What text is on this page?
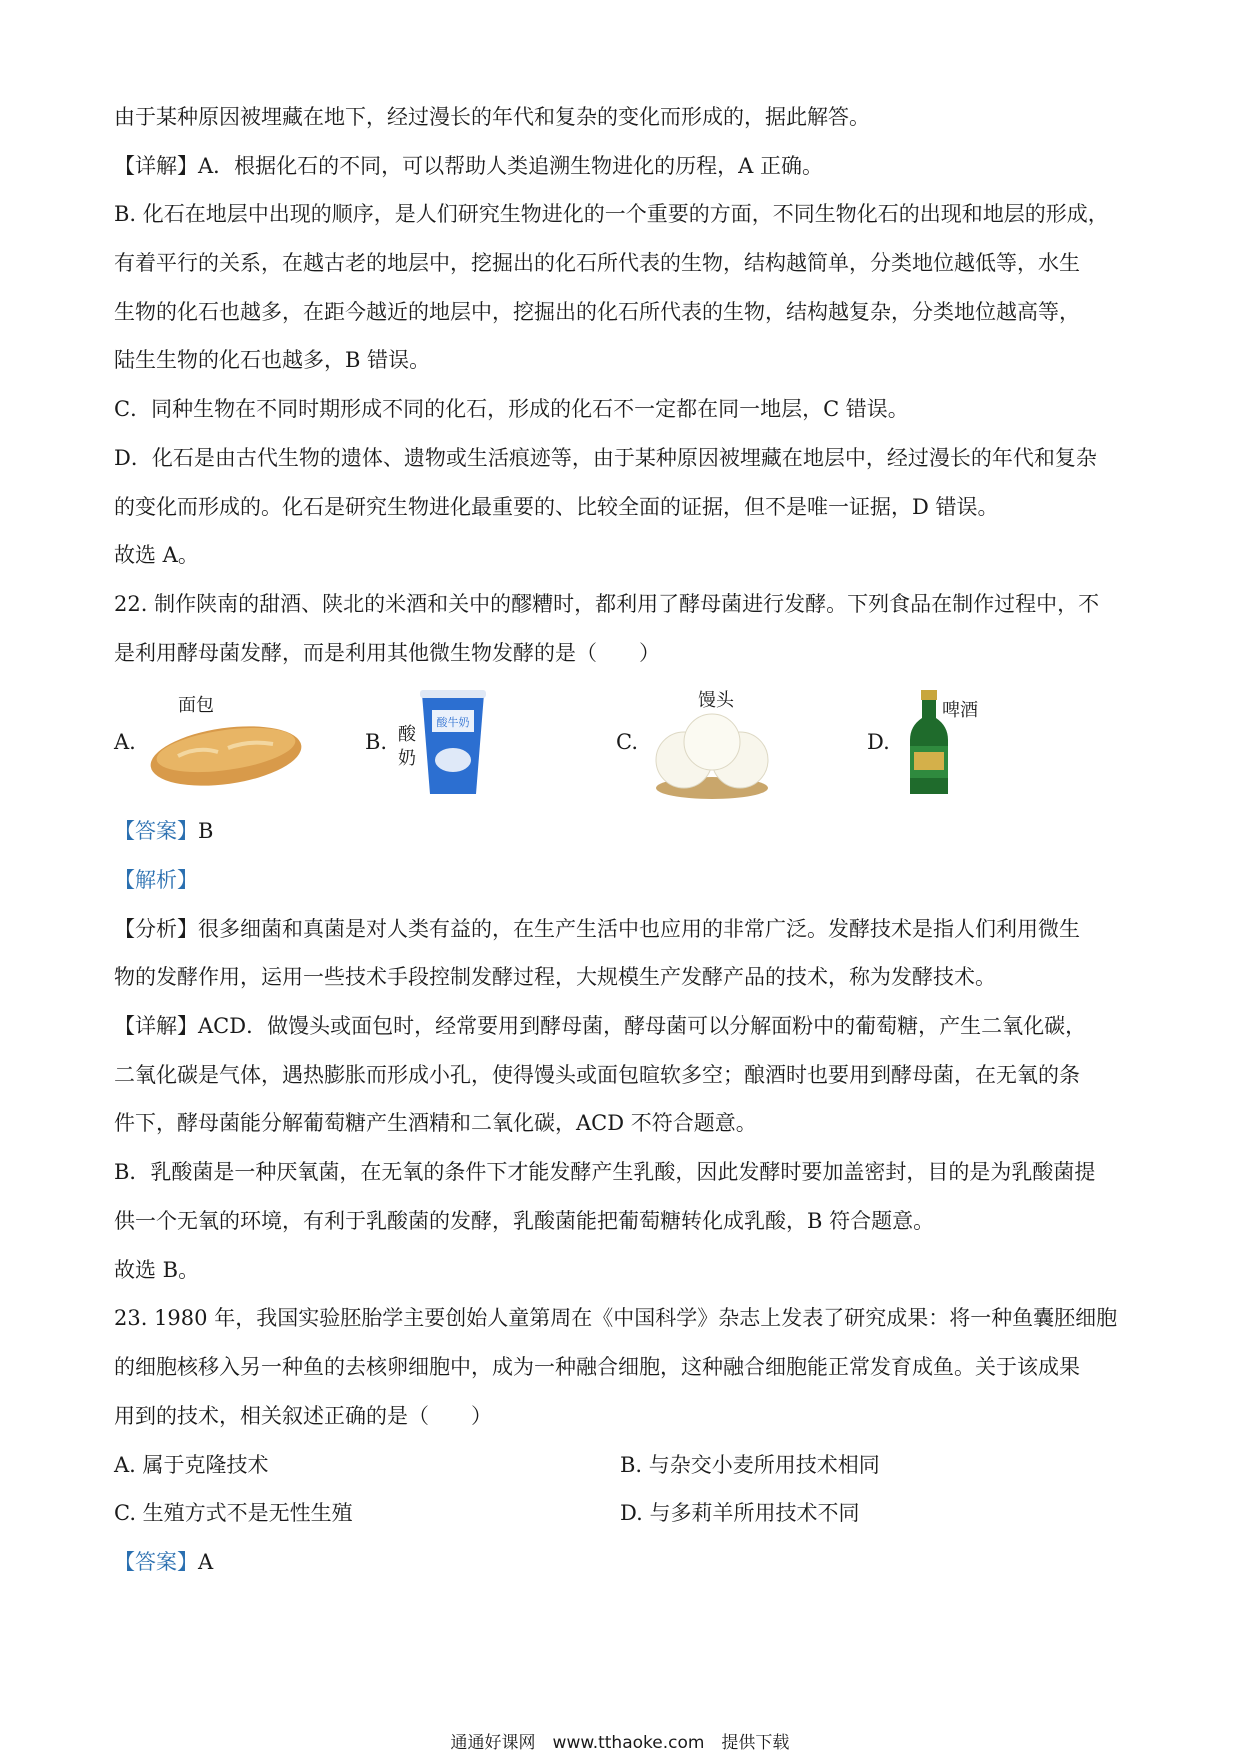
由于某种原因被埋藏在地下，经过漫长的年代和复杂的变化而形成的，据此解答。
【详解】A．根据化石的不同，可以帮助人类追溯生物进化的历程，A 正确。
B. 化石在地层中出现的顺序，是人们研究生物进化的一个重要的方面，不同生物化石的出现和地层的形成，
有着平行的关系，在越古老的地层中，挖掘出的化石所代表的生物，结构越简单，分类地位越低等，水生
生物的化石也越多，在距今越近的地层中，挖掘出的化石所代表的生物，结构越复杂，分类地位越高等，
陆生生物的化石也越多，B 错误。
C．同种生物在不同时期形成不同的化石，形成的化石不一定都在同一地层，C 错误。
D．化石是由古代生物的遗体、遗物或生活痕迹等，由于某种原因被埋藏在地层中，经过漫长的年代和复杂
的变化而形成的。化石是研究生物进化最重要的、比较全面的证据，但不是唯一证据，D 错误。
故选 A。
22. 制作陕南的甜酒、陕北的米酒和关中的醪糟时，都利用了酵母菌进行发酵。下列食品在制作过程中，不
是利用酵母菌发酵，而是利用其他微生物发酵的是（　　）
A.
面包
B. 酸
奶
酸牛奶
C.
馒头
D.
啤酒
【答案】B
【解析】
【分析】很多细菌和真菌是对人类有益的，在生产生活中也应用的非常广泛。发酵技术是指人们利用微生
物的发酵作用，运用一些技术手段控制发酵过程，大规模生产发酵产品的技术，称为发酵技术。
【详解】ACD．做馒头或面包时，经常要用到酵母菌，酵母菌可以分解面粉中的葡萄糖，产生二氧化碳，
二氧化碳是气体，遇热膨胀而形成小孔，使得馒头或面包暄软多空；酿酒时也要用到酵母菌，在无氧的条
件下，酵母菌能分解葡萄糖产生酒精和二氧化碳，ACD 不符合题意。
B．乳酸菌是一种厌氧菌，在无氧的条件下才能发酵产生乳酸，因此发酵时要加盖密封，目的是为乳酸菌提
供一个无氧的环境，有利于乳酸菌的发酵，乳酸菌能把葡萄糖转化成乳酸，B 符合题意。
故选 B。
23. 1980 年，我国实验胚胎学主要创始人童第周在《中国科学》杂志上发表了研究成果：将一种鱼囊胚细胞
的细胞核移入另一种鱼的去核卵细胞中，成为一种融合细胞，这种融合细胞能正常发育成鱼。关于该成果
用到的技术，相关叙述正确的是（　　）
A. 属于克隆技术	B. 与杂交小麦所用技术相同
C. 生殖方式不是无性生殖	D. 与多莉羊所用技术不同
【答案】A
通通好课网　www.tthaoke.com　提供下载
